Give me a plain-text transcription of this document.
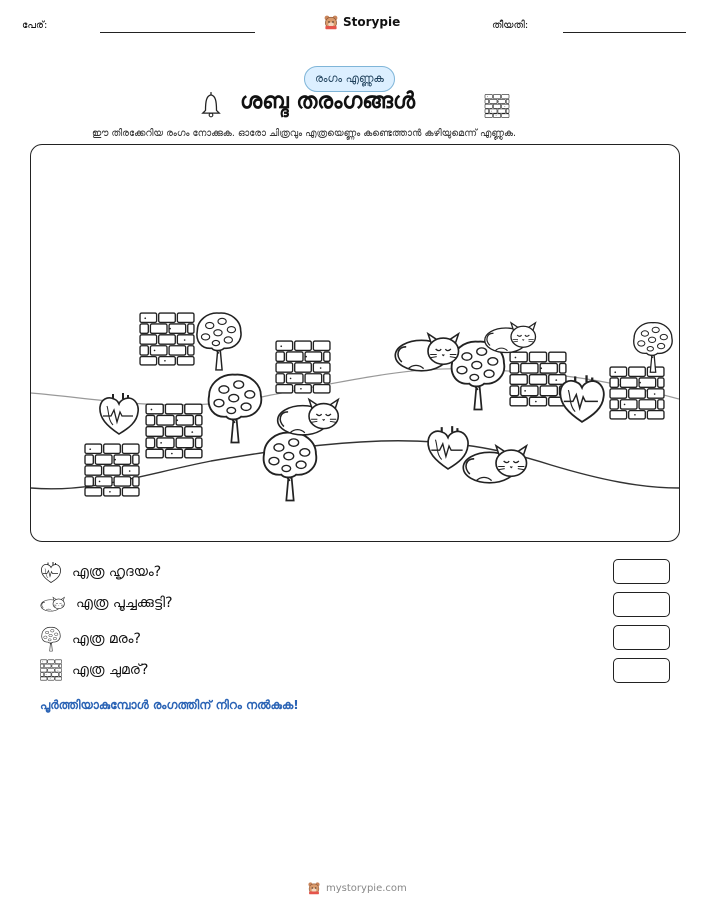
പേര്:	Storypie	തീയതി:
രംഗം എണ്ണുക
ശബ്ദ തരംഗങ്ങൾ
ഈ തിരക്കേറിയ രംഗം നോക്കുക. ഓരോ ചിത്രവും എത്രയെണ്ണം കണ്ടെത്താൻ കഴിയുമെന്ന് എണ്ണുക.
എത്ര ഹൃദയം?
എത്ര പൂച്ചക്കുട്ടി?
എത്ര മരം?
എത്ര ചുമര്?
പൂർത്തിയാകുമ്പോൾ രംഗത്തിന് നിറം നൽകുക!
mystorypie.com
